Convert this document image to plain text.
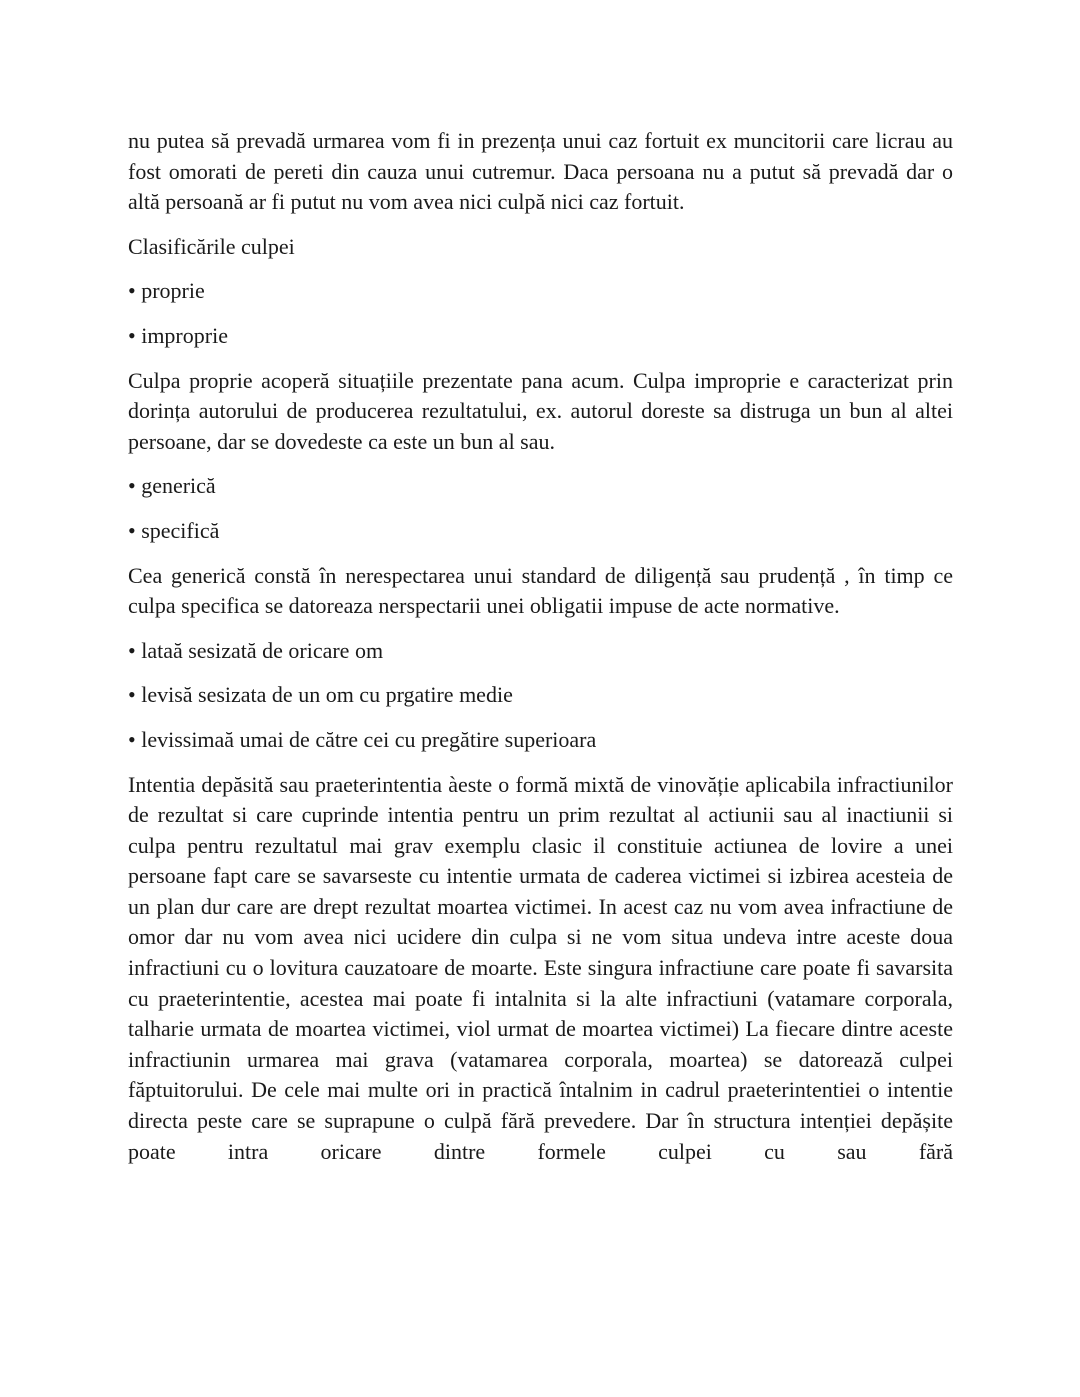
nu putea să prevadă urmarea vom fi in prezența unui caz fortuit ex muncitorii care licrau au fost omorati de pereti din cauza unui cutremur. Daca persoana nu a putut să prevadă dar o altă persoană ar fi putut nu vom avea nici culpă nici caz fortuit.

Clasificările culpei

• proprie

• improprie

Culpa proprie acoperă situațiile prezentate pana acum. Culpa improprie e caracterizat prin dorința autorului de producerea rezultatului, ex. autorul doreste sa distruga un bun al altei persoane, dar se dovedeste ca este un bun al sau.

• generică

• specifică

Cea generică constă în nerespectarea unui standard de diligență sau prudență , în timp ce culpa specifica se datoreaza nerspectarii unei obligatii impuse de acte normative.

• lataă sesizată de oricare om

• levisă sesizata de un om cu prgatire medie

• levissimaă umai de către cei cu pregătire superioara

Intentia depăsită sau praeterintentia àeste o formă mixtă de vinovăție aplicabila infractiunilor de rezultat si care cuprinde intentia pentru un prim rezultat al actiunii sau al inactiunii si culpa pentru rezultatul mai grav exemplu clasic il constituie actiunea de lovire a unei persoane fapt care se savarseste cu intentie urmata de caderea victimei si izbirea acesteia de un plan dur care are drept rezultat moartea victimei. In acest caz nu vom avea infractiune de omor dar nu vom avea nici ucidere din culpa si ne vom situa undeva intre aceste doua infractiuni cu o lovitura cauzatoare de moarte. Este singura infractiune care poate fi savarsita cu praeterintentie, acestea mai poate fi intalnita si la alte infractiuni (vatamare corporala, talharie urmata de moartea victimei, viol urmat de moartea victimei) La fiecare dintre aceste infractiunin urmarea mai grava (vatamarea corporala, moartea) se datorează culpei făptuitorului. De cele mai multe ori in practică întalnim in cadrul praeterintentiei o intentie directa peste care se suprapune o culpă fără prevedere. Dar în structura intenției depășite poate intra oricare dintre formele culpei cu sau fără
